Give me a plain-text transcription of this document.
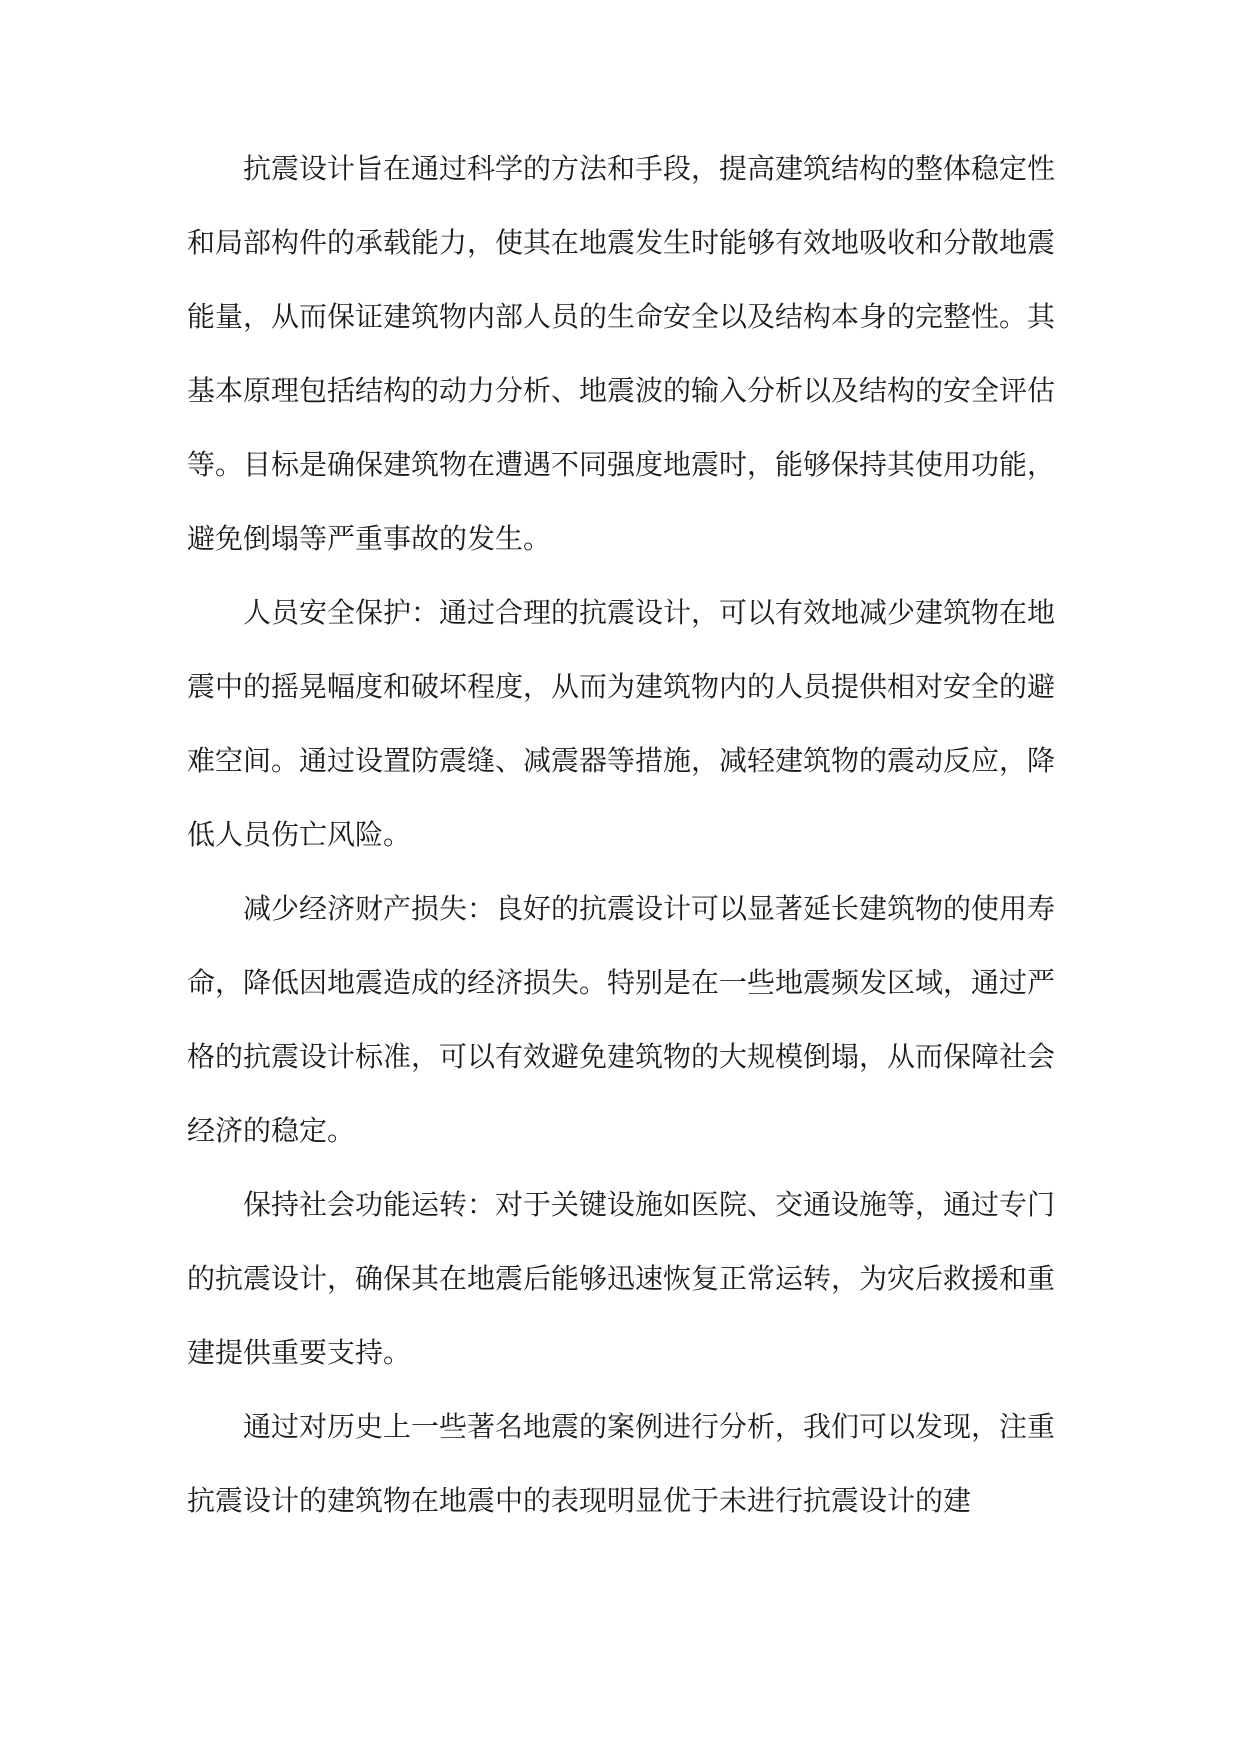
抗震设计旨在通过科学的方法和手段，提高建筑结构的整体稳定性和局部构件的承载能力，使其在地震发生时能够有效地吸收和分散地震能量，从而保证建筑物内部人员的生命安全以及结构本身的完整性。其基本原理包括结构的动力分析、地震波的输入分析以及结构的安全评估等。目标是确保建筑物在遭遇不同强度地震时，能够保持其使用功能，避免倒塌等严重事故的发生。

人员安全保护：通过合理的抗震设计，可以有效地减少建筑物在地震中的摇晃幅度和破坏程度，从而为建筑物内的人员提供相对安全的避难空间。通过设置防震缝、减震器等措施，减轻建筑物的震动反应，降低人员伤亡风险。

减少经济财产损失：良好的抗震设计可以显著延长建筑物的使用寿命，降低因地震造成的经济损失。特别是在一些地震频发区域，通过严格的抗震设计标准，可以有效避免建筑物的大规模倒塌，从而保障社会经济的稳定。

保持社会功能运转：对于关键设施如医院、交通设施等，通过专门的抗震设计，确保其在地震后能够迅速恢复正常运转，为灾后救援和重建提供重要支持。

通过对历史上一些著名地震的案例进行分析，我们可以发现，注重抗震设计的建筑物在地震中的表现明显优于未进行抗震设计的建
